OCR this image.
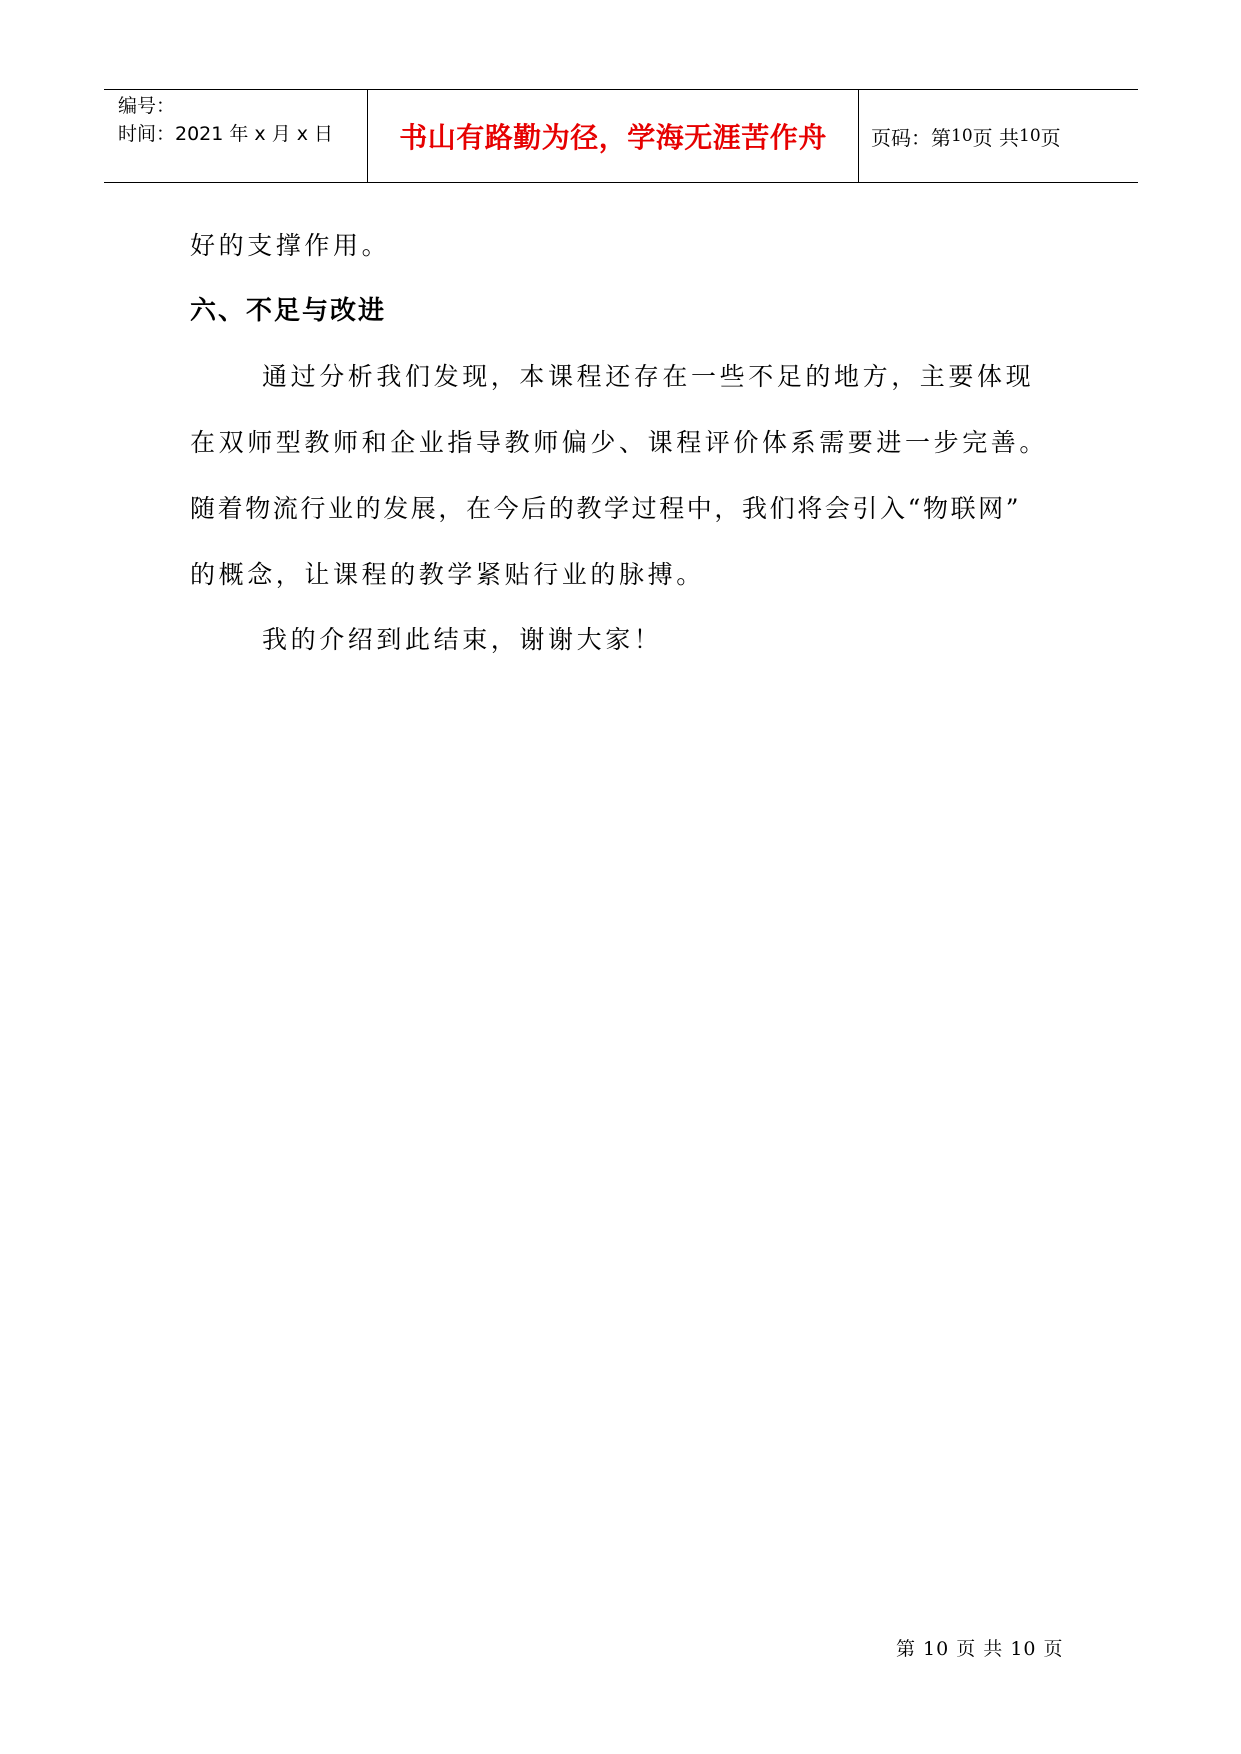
编号：
时间：2021 年 x 月 x 日	书山有路勤为径，学海无涯苦作舟 页码：第 10 页 共 10 页
好的支撑作用。
六、不足与改进
通过分析我们发现，本课程还存在一些不足的地方，主要体现
在双师型教师和企业指导教师偏少、课程评价体系需要进一步完善。
随着物流行业的发展，在今后的教学过程中，我们将会引入“物联网”
的概念，让课程的教学紧贴行业的脉搏。
我的介绍到此结束，谢谢大家！
第 10 页 共 10 页
